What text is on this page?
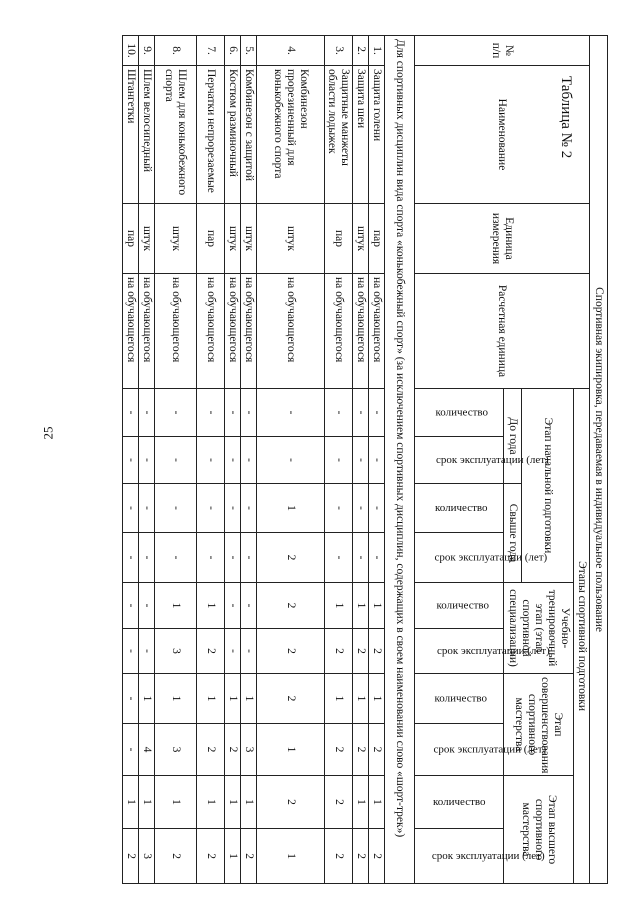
25
Таблица № 2
Спортивная экипировка, передаваемая в индивидуальное пользование													
№ п/п	Наименование	Единица измерения	Расчетная единица	Этапы спортивной подготовки									
				Этап начальной подготовки				Учебно-тренировочный этап (этап спортивной специализации)		Этап совершенствования спортивного мастерства		Этап высшего спортивного мастерства	
				До года		Свыше года							

				количество	срок эксплуатации (лет)	количество	срок эксплуатации (лет)	количество	срок эксплуатации (лет)	количество	срок эксплуатации (лет)	количество	срок эксплуатации (лет)

Для спортивных дисциплин вида спорта «конькобежный спорт» (за исключением спортивных дисциплин, содержащих в своем наименовании слово «шорт-трек»)													
1.	Защита голени	пар	на обучающегося	-	-	-	-	1	2	1	2	1	2
2.	Защита шеи	штук	на обучающегося	-	-	-	-	1	2	1	2	1	2
3.	Защитные манжеты области лодыжек	пар	на обучающегося	-	-	-	-	1	2	1	2	2	2
4.	Комбинезон прорезиненный для конькобежного спорта	штук	на обучающегося	-	-	1	2	2	2	2	1	2	1
5.	Комбинезон с защитой	штук	на обучающегося	-	-	-	-	-	-	1	3	1	2
6.	Костюм разминочный	штук	на обучающегося	-	-	-	-	-	-	1	2	1	1
7.	Перчатки непрорезаемые	пар	на обучающегося	-	-	-	-	1	2	1	2	1	2
8.	Шлем для конькобежного спорта	штук	на обучающегося	-	-	-	-	1	3	1	3	1	2
9.	Шлем велосипедный	штук	на обучающегося	-	-	-	-	-	-	1	4	1	3
10.	Штангетки	пар	на обучающегося	-	-	-	-	-	-	-	-	1	2
